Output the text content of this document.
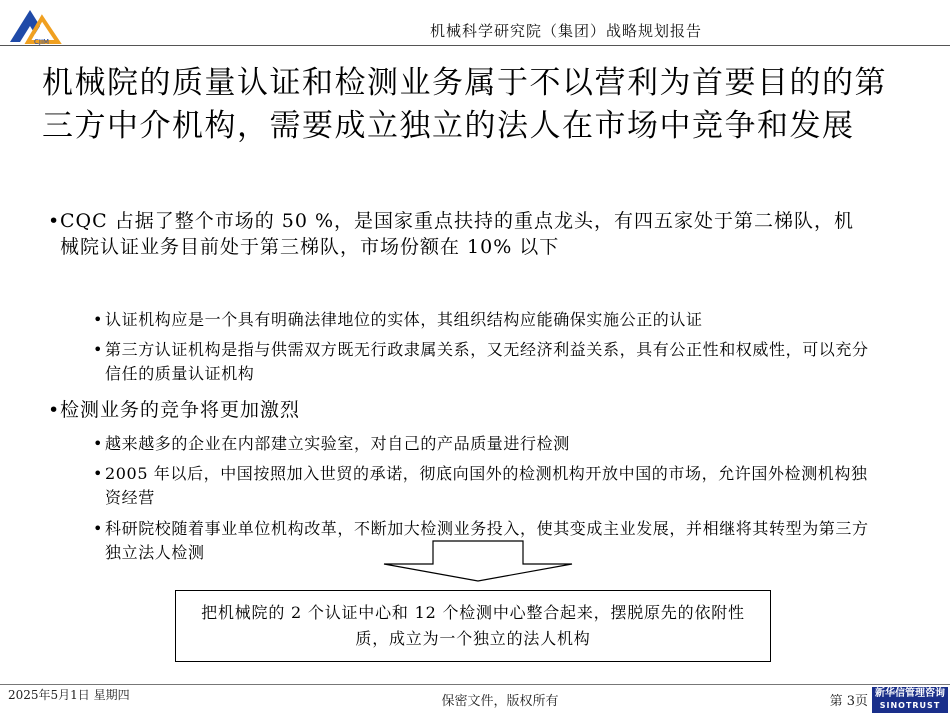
CJIM
机械科学研究院（集团）战略规划报告
机械院的质量认证和检测业务属于不以营利为首要目的的第三方中介机构，需要成立独立的法人在市场中竞争和发展
• CQC 占据了整个市场的 50 %，是国家重点扶持的重点龙头，有四五家处于第二梯队，机械院认证业务目前处于第三梯队，市场份额在 10% 以下
• 认证机构应是一个具有明确法律地位的实体，其组织结构应能确保实施公正的认证
• 第三方认证机构是指与供需双方既无行政隶属关系，又无经济利益关系，具有公正性和权威性，可以充分信任的质量认证机构
• 检测业务的竞争将更加激烈
• 越来越多的企业在内部建立实验室，对自己的产品质量进行检测
• 2005 年以后，中国按照加入世贸的承诺，彻底向国外的检测机构开放中国的市场，允许国外检测机构独资经营
• 科研院校随着事业单位机构改革，不断加大检测业务投入，使其变成主业发展，并相继将其转型为第三方独立法人检测
把机械院的 2 个认证中心和 12 个检测中心整合起来，摆脱原先的依附性质，成立为一个独立的法人机构
2025年5月1日 星期四	保密文件，版权所有	第 3页
新华信管理咨询
SINOTRUST
